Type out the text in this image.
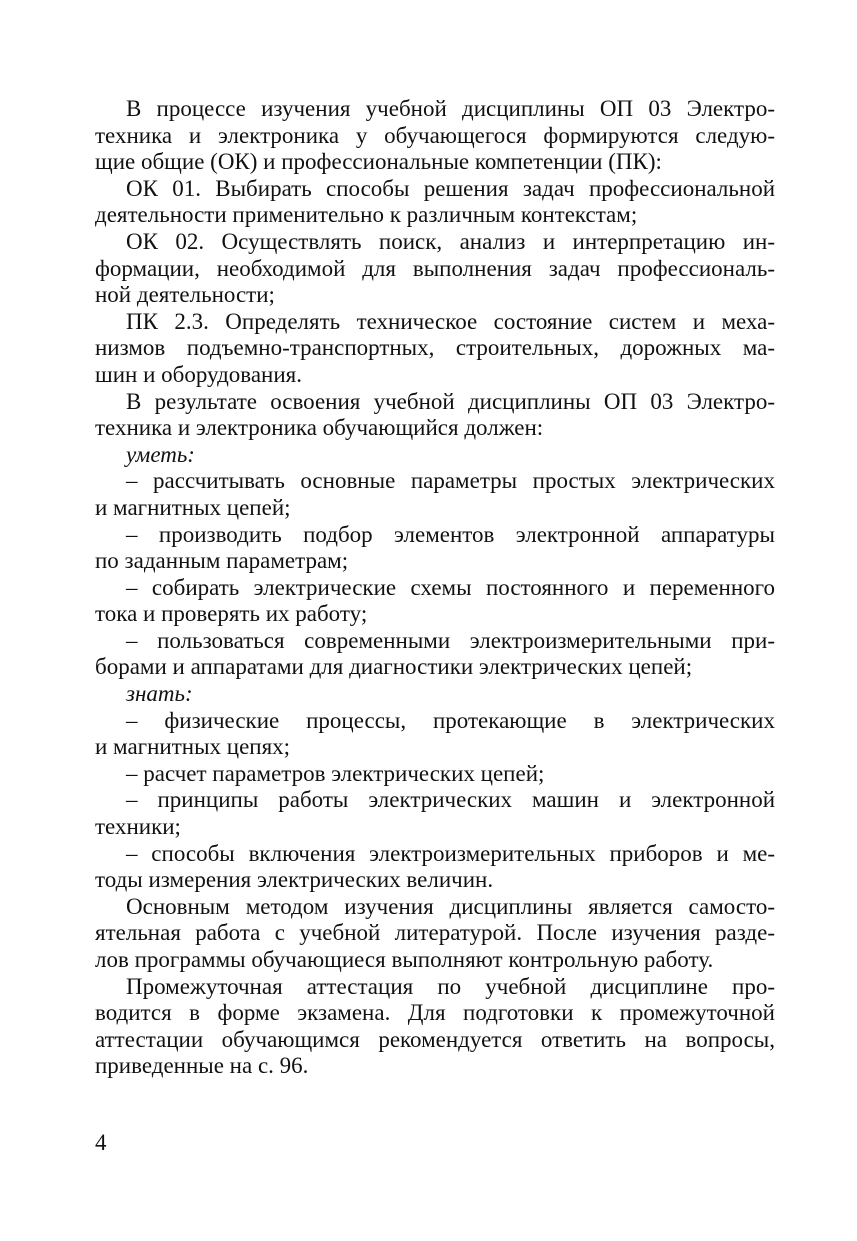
В процессе изучения учебной дисциплины ОП 03 Электро-
техника и электроника у обучающегося формируются следую-
щие общие (ОК) и профессиональные компетенции (ПК):
ОК 01. Выбирать способы решения задач профессиональной
деятельности применительно к различным контекстам;
ОК 02. Осуществлять поиск, анализ и интерпретацию ин-
формации, необходимой для выполнения задач профессиональ-
ной деятельности;
ПК 2.3. Определять техническое состояние систем и меха-
низмов подъемно-транспортных, строительных, дорожных ма-
шин и оборудования.
В результате освоения учебной дисциплины ОП 03 Электро-
техника и электроника обучающийся должен:
уметь:
– рассчитывать основные параметры простых электрических
и магнитных цепей;
– производить подбор элементов электронной аппаратуры
по заданным параметрам;
– собирать электрические схемы постоянного и переменного
тока и проверять их работу;
– пользоваться современными электроизмерительными при-
борами и аппаратами для диагностики электрических цепей;
знать:
– физические процессы, протекающие в электрических
и магнитных цепях;
– расчет параметров электрических цепей;
– принципы работы электрических машин и электронной
техники;
– способы включения электроизмерительных приборов и ме-
тоды измерения электрических величин.
Основным методом изучения дисциплины является самосто-
ятельная работа с учебной литературой. После изучения разде-
лов программы обучающиеся выполняют контрольную работу.
Промежуточная аттестация по учебной дисциплине про-
водится в форме экзамена. Для подготовки к промежуточной
аттестации обучающимся рекомендуется ответить на вопросы,
приведенные на с. 96.
4
